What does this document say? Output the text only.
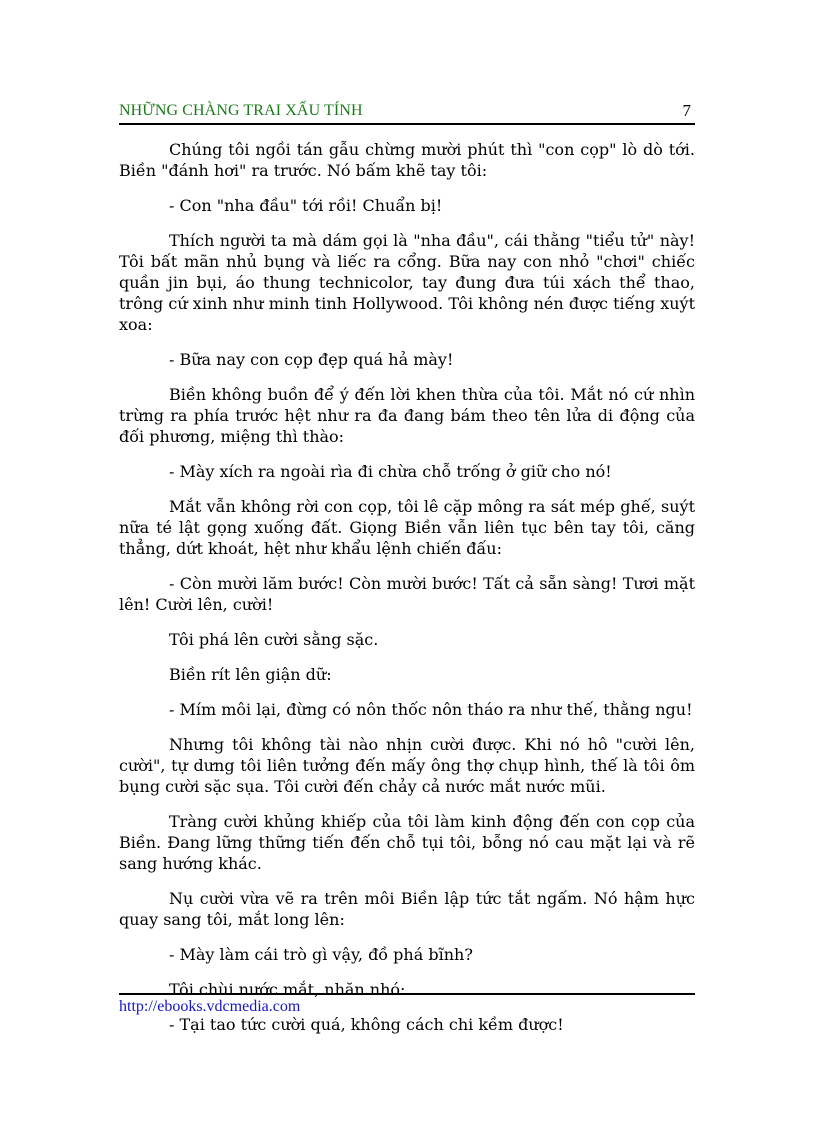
NHỮNG CHÀNG TRAI XẤU TÍNH	7

Chúng tôi ngồi tán gẫu chừng mười phút thì "con cọp" lò dò tới. Biền "đánh hơi" ra trước. Nó bấm khẽ tay tôi:

- Con "nha đầu" tới rồi! Chuẩn bị!

Thích người ta mà dám gọi là "nha đầu", cái thằng "tiểu tử" này! Tôi bất mãn nhủ bụng và liếc ra cổng. Bữa nay con nhỏ "chơi" chiếc quần jin bụi, áo thung technicolor, tay đung đưa túi xách thể thao, trông cứ xinh như minh tinh Hollywood. Tôi không nén được tiếng xuýt xoa:

- Bữa nay con cọp đẹp quá hả mày!

Biền không buồn để ý đến lời khen thừa của tôi. Mắt nó cứ nhìn trừng ra phía trước hệt như ra đa đang bám theo tên lửa di động của đối phương, miệng thì thào:

- Mày xích ra ngoài rìa đi chừa chỗ trống ở giữ cho nó!

Mắt vẫn không rời con cọp, tôi lê cặp mông ra sát mép ghế, suýt nữa té lật gọng xuống đất. Giọng Biền vẫn liên tục bên tay tôi, căng thẳng, dứt khoát, hệt như khẩu lệnh chiến đấu:

- Còn mười lăm bước! Còn mười bước! Tất cả sẵn sàng! Tươi mặt lên! Cười lên, cười!

Tôi phá lên cười sằng sặc.

Biền rít lên giận dữ:

- Mím môi lại, đừng có nôn thốc nôn tháo ra như thế, thằng ngu!

Nhưng tôi không tài nào nhịn cười được. Khi nó hô "cười lên, cười", tự dưng tôi liên tưởng đến mấy ông thợ chụp hình, thế là tôi ôm bụng cười sặc sụa. Tôi cười đến chảy cả nước mắt nước mũi.

Tràng cười khủng khiếp của tôi làm kinh động đến con cọp của Biền. Đang lững thững tiến đến chỗ tụi tôi, bỗng nó cau mặt lại và rẽ sang hướng khác.

Nụ cười vừa vẽ ra trên môi Biền lập tức tắt ngấm. Nó hậm hực quay sang tôi, mắt long lên:

- Mày làm cái trò gì vậy, đồ phá bĩnh?

Tôi chùi nước mắt, nhăn nhó:

- Tại tao tức cười quá, không cách chi kềm được!

http://ebooks.vdcmedia.com
